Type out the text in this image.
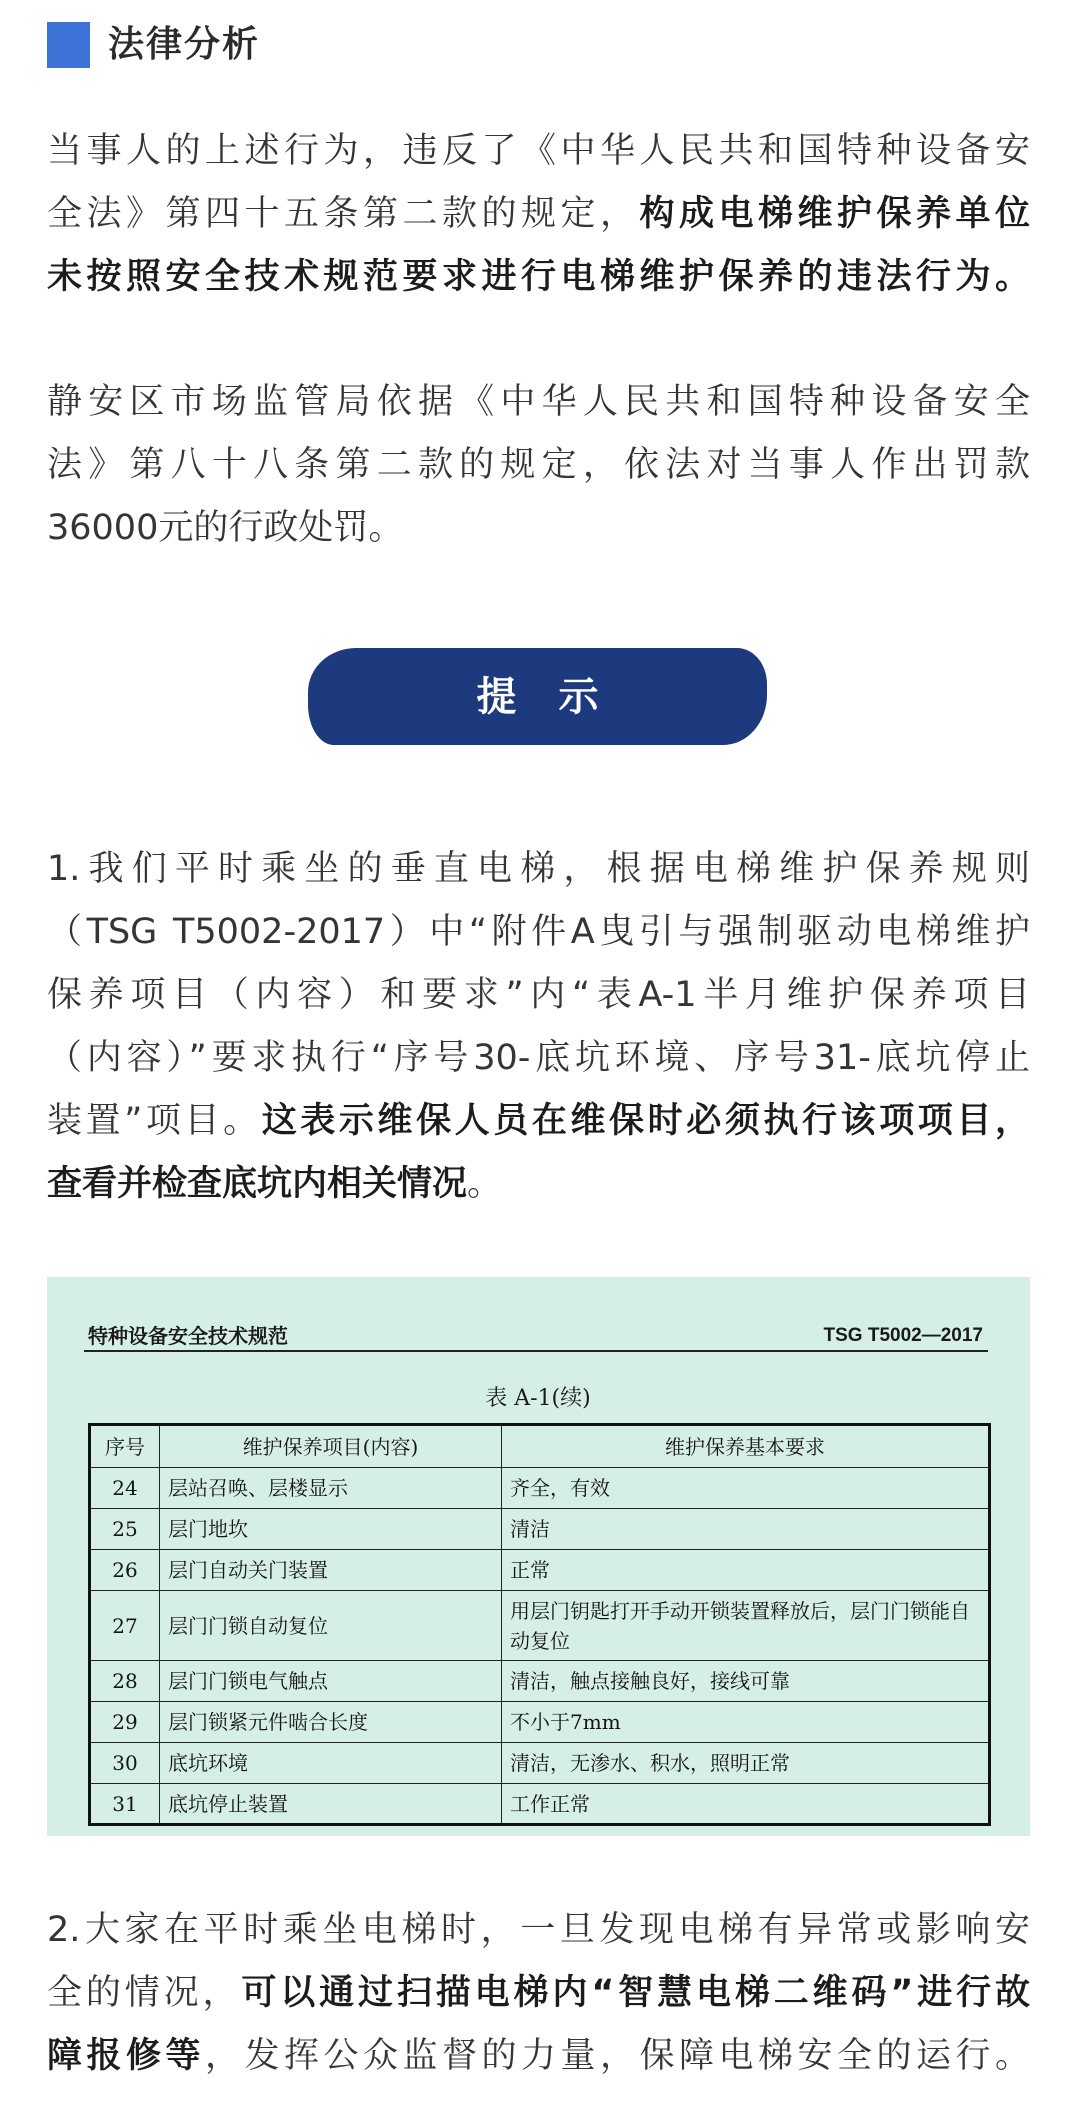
法律分析
当事人的上述行为，违反了《中华人民共和国特种设备安
全法》第四十五条第二款的规定，构成电梯维护保养单位
未按照安全技术规范要求进行电梯维护保养的违法行为。
静安区市场监管局依据《中华人民共和国特种设备安全
法》第八十八条第二款的规定，依法对当事人作出罚款
36000元的行政处罚。
提 示
1.我们平时乘坐的垂直电梯，根据电梯维护保养规则
（TSG T5002-2017）中“附件A曳引与强制驱动电梯维护
保养项目（内容）和要求”内“表A-1半月维护保养项目
（内容）”要求执行“序号30-底坑环境、序号31-底坑停止
装置”项目。这表示维保人员在维保时必须执行该项项目，
查看并检查底坑内相关情况。
特种设备安全技术规范	TSG T5002—2017
表 A-1(续)
序号	维护保养项目(内容)	维护保养基本要求
24	层站召唤、层楼显示	齐全，有效
25	层门地坎	清洁
26	层门自动关门装置	正常
27	层门门锁自动复位	用层门钥匙打开手动开锁装置释放后，层门门锁能自动复位
28	层门门锁电气触点	清洁，触点接触良好，接线可靠
29	层门锁紧元件啮合长度	不小于7mm
30	底坑环境	清洁，无渗水、积水，照明正常
31	底坑停止装置	工作正常
2.大家在平时乘坐电梯时，一旦发现电梯有异常或影响安
全的情况，可以通过扫描电梯内“智慧电梯二维码”进行故
障报修等，发挥公众监督的力量，保障电梯安全的运行。
